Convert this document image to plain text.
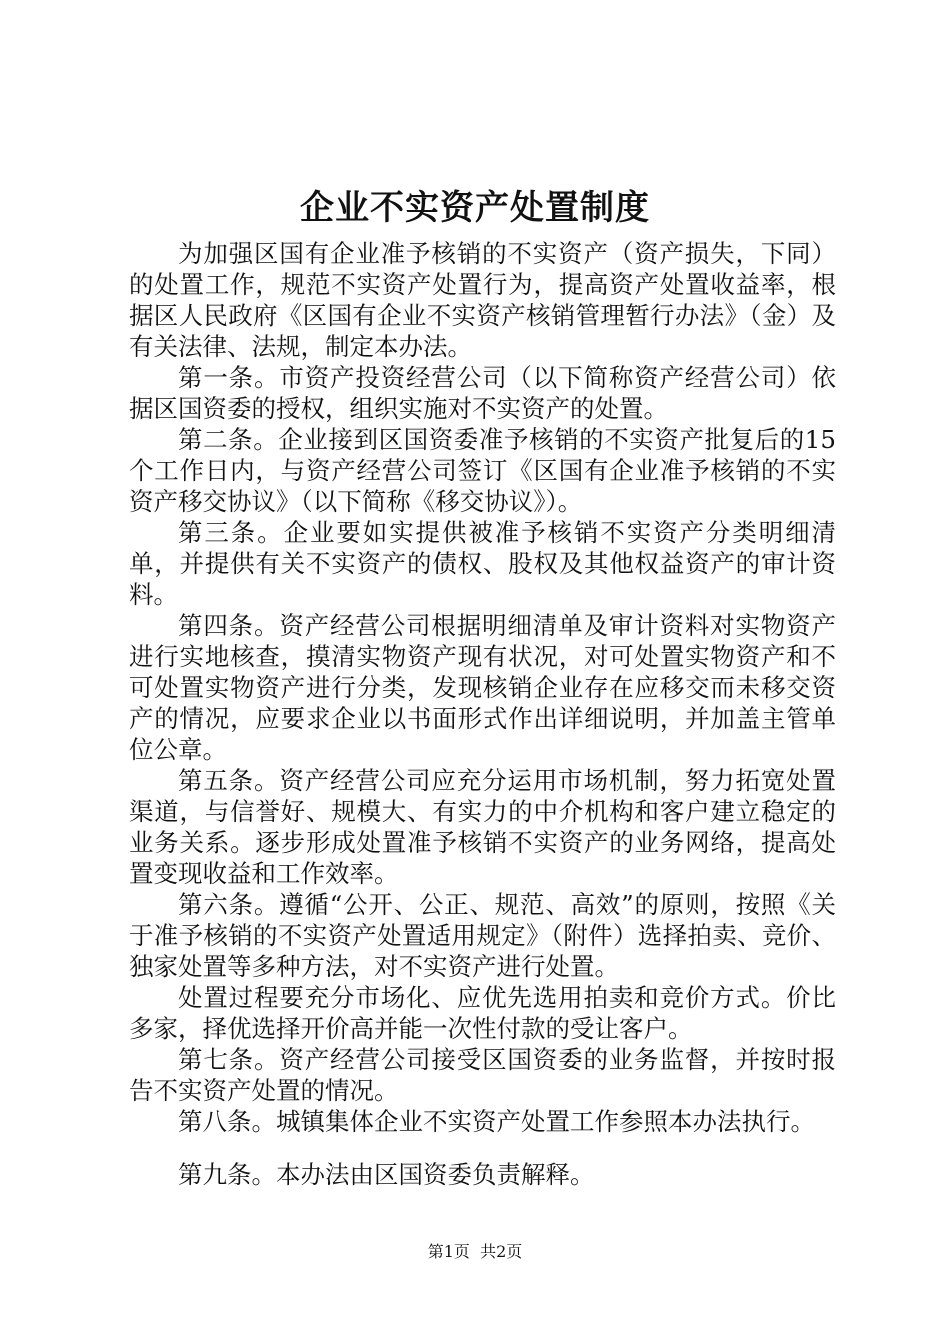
企业不实资产处置制度

为加强区国有企业准予核销的不实资产（资产损失，下同）的处置工作，规范不实资产处置行为，提高资产处置收益率，根据区人民政府《区国有企业不实资产核销管理暂行办法》（金）及有关法律、法规，制定本办法。

第一条。市资产投资经营公司（以下简称资产经营公司）依据区国资委的授权，组织实施对不实资产的处置。

第二条。企业接到区国资委准予核销的不实资产批复后的15个工作日内，与资产经营公司签订《区国有企业准予核销的不实资产移交协议》（以下简称《移交协议》）。

第三条。企业要如实提供被准予核销不实资产分类明细清单，并提供有关不实资产的债权、股权及其他权益资产的审计资料。

第四条。资产经营公司根据明细清单及审计资料对实物资产进行实地核查，摸清实物资产现有状况，对可处置实物资产和不可处置实物资产进行分类，发现核销企业存在应移交而未移交资产的情况，应要求企业以书面形式作出详细说明，并加盖主管单位公章。

第五条。资产经营公司应充分运用市场机制，努力拓宽处置渠道，与信誉好、规模大、有实力的中介机构和客户建立稳定的业务关系。逐步形成处置准予核销不实资产的业务网络，提高处置变现收益和工作效率。

第六条。遵循“公开、公正、规范、高效”的原则，按照《关于准予核销的不实资产处置适用规定》（附件）选择拍卖、竞价、独家处置等多种方法，对不实资产进行处置。

处置过程要充分市场化、应优先选用拍卖和竞价方式。价比多家，择优选择开价高并能一次性付款的受让客户。

第七条。资产经营公司接受区国资委的业务监督，并按时报告不实资产处置的情况。

第八条。城镇集体企业不实资产处置工作参照本办法执行。

第九条。本办法由区国资委负责解释。

第1页 共2页
